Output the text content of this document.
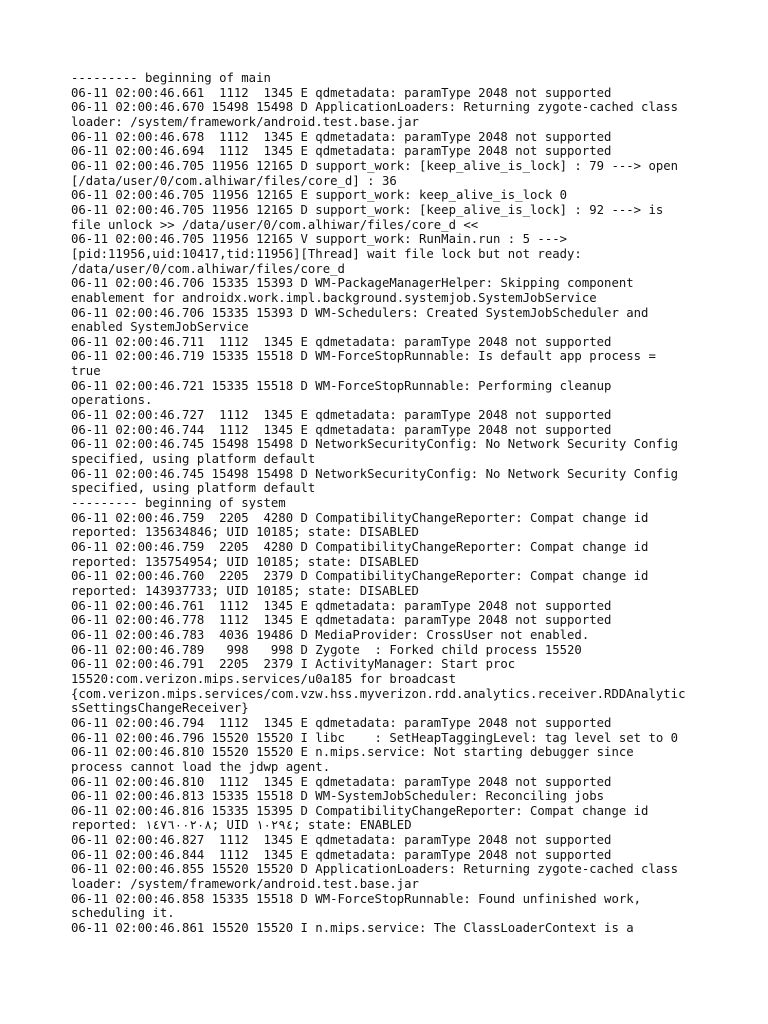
--------- beginning of main
06-11 02:00:46.661  1112  1345 E qdmetadata: paramType 2048 not supported
06-11 02:00:46.670 15498 15498 D ApplicationLoaders: Returning zygote-cached class
loader: /system/framework/android.test.base.jar
06-11 02:00:46.678  1112  1345 E qdmetadata: paramType 2048 not supported
06-11 02:00:46.694  1112  1345 E qdmetadata: paramType 2048 not supported
06-11 02:00:46.705 11956 12165 D support_work: [keep_alive_is_lock] : 79 ---> open
[/data/user/0/com.alhiwar/files/core_d] : 36
06-11 02:00:46.705 11956 12165 E support_work: keep_alive_is_lock 0
06-11 02:00:46.705 11956 12165 D support_work: [keep_alive_is_lock] : 92 ---> is
file unlock >> /data/user/0/com.alhiwar/files/core_d <<
06-11 02:00:46.705 11956 12165 V support_work: RunMain.run : 5 --->
[pid:11956,uid:10417,tid:11956][Thread] wait file lock but not ready:
/data/user/0/com.alhiwar/files/core_d
06-11 02:00:46.706 15335 15393 D WM-PackageManagerHelper: Skipping component
enablement for androidx.work.impl.background.systemjob.SystemJobService
06-11 02:00:46.706 15335 15393 D WM-Schedulers: Created SystemJobScheduler and
enabled SystemJobService
06-11 02:00:46.711  1112  1345 E qdmetadata: paramType 2048 not supported
06-11 02:00:46.719 15335 15518 D WM-ForceStopRunnable: Is default app process =
true
06-11 02:00:46.721 15335 15518 D WM-ForceStopRunnable: Performing cleanup
operations.
06-11 02:00:46.727  1112  1345 E qdmetadata: paramType 2048 not supported
06-11 02:00:46.744  1112  1345 E qdmetadata: paramType 2048 not supported
06-11 02:00:46.745 15498 15498 D NetworkSecurityConfig: No Network Security Config
specified, using platform default
06-11 02:00:46.745 15498 15498 D NetworkSecurityConfig: No Network Security Config
specified, using platform default
--------- beginning of system
06-11 02:00:46.759  2205  4280 D CompatibilityChangeReporter: Compat change id
reported: 135634846; UID 10185; state: DISABLED
06-11 02:00:46.759  2205  4280 D CompatibilityChangeReporter: Compat change id
reported: 135754954; UID 10185; state: DISABLED
06-11 02:00:46.760  2205  2379 D CompatibilityChangeReporter: Compat change id
reported: 143937733; UID 10185; state: DISABLED
06-11 02:00:46.761  1112  1345 E qdmetadata: paramType 2048 not supported
06-11 02:00:46.778  1112  1345 E qdmetadata: paramType 2048 not supported
06-11 02:00:46.783  4036 19486 D MediaProvider: CrossUser not enabled.
06-11 02:00:46.789   998   998 D Zygote  : Forked child process 15520
06-11 02:00:46.791  2205  2379 I ActivityManager: Start proc
15520:com.verizon.mips.services/u0a185 for broadcast
{com.verizon.mips.services/com.vzw.hss.myverizon.rdd.analytics.receiver.RDDAnalytic
sSettingsChangeReceiver}
06-11 02:00:46.794  1112  1345 E qdmetadata: paramType 2048 not supported
06-11 02:00:46.796 15520 15520 I libc    : SetHeapTaggingLevel: tag level set to 0
06-11 02:00:46.810 15520 15520 E n.mips.service: Not starting debugger since
process cannot load the jdwp agent.
06-11 02:00:46.810  1112  1345 E qdmetadata: paramType 2048 not supported
06-11 02:00:46.813 15335 15518 D WM-SystemJobScheduler: Reconciling jobs
06-11 02:00:46.816 15335 15395 D CompatibilityChangeReporter: Compat change id
reported: ١٤٧٦٠٠٢٠٨; UID ١٠٢٩٤; state: ENABLED
06-11 02:00:46.827  1112  1345 E qdmetadata: paramType 2048 not supported
06-11 02:00:46.844  1112  1345 E qdmetadata: paramType 2048 not supported
06-11 02:00:46.855 15520 15520 D ApplicationLoaders: Returning zygote-cached class
loader: /system/framework/android.test.base.jar
06-11 02:00:46.858 15335 15518 D WM-ForceStopRunnable: Found unfinished work,
scheduling it.
06-11 02:00:46.861 15520 15520 I n.mips.service: The ClassLoaderContext is a
